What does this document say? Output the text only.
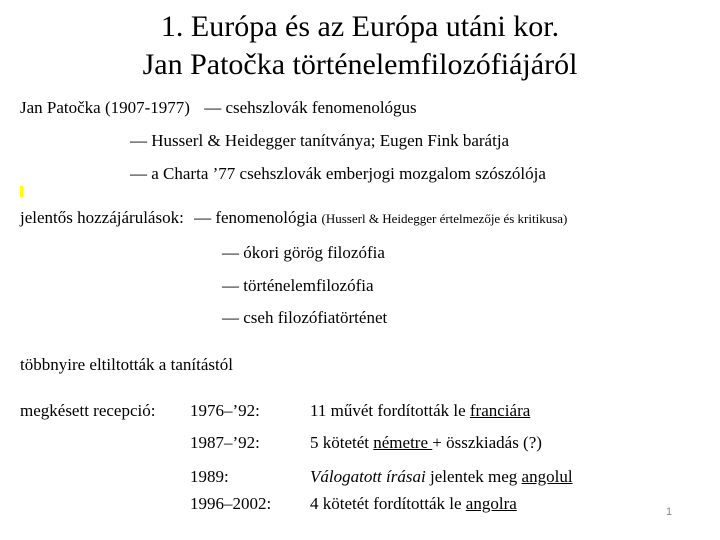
1. Európa és az Európa utáni kor.
Jan Patočka történelemfilozófiájáról
Jan Patočka (1907-1977) — csehszlovák fenomenológus
— Husserl & Heidegger tanítványa; Eugen Fink barátja
— a Charta ’77 csehszlovák emberjogi mozgalom szószólója
jelentős hozzájárulások: — fenomenológia (Husserl & Heidegger értelmezője és kritikusa)
— ókori görög filozófia
— történelemfilozófia
— cseh filozófiatörténet
többnyire eltiltották a tanítástól
megkésett recepció: 1976–’92:	11 művét fordították le franciára
1987–’92:	5 kötetét németre + összkiadás (?)
1989:	Válogatott írásai jelentek meg angolul
1996–2002: 4 kötetét fordították le angolra	1
